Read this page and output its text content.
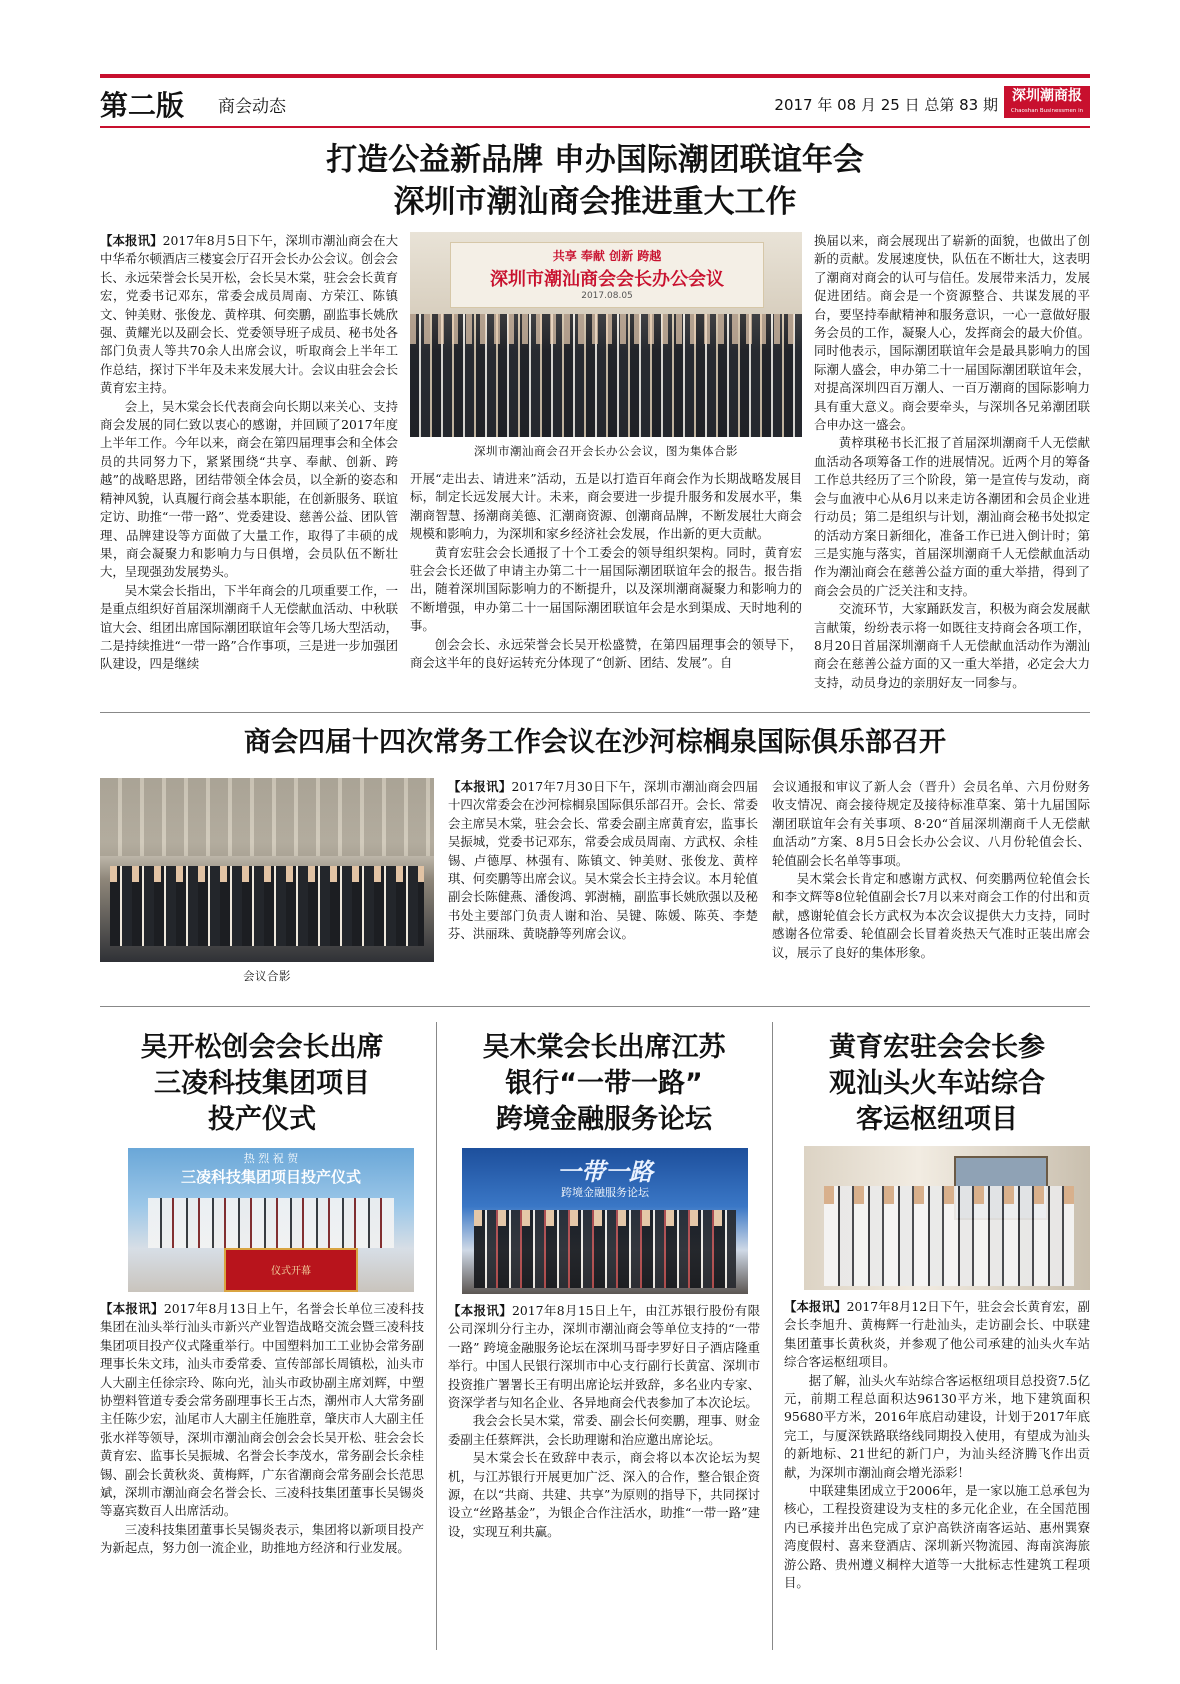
第二版 商会动态	2017 年 08 月 25 日 总第 83 期	深圳潮商报
Chaoshan Businessmen in Shenzhen
打造公益新品牌 申办国际潮团联谊年会
深圳市潮汕商会推进重大工作

【本报讯】2017年8月5日下午，深圳市潮汕商会在大中华希尔顿酒店三楼宴会厅召开会长办公会议。创会会长、永远荣誉会长吴开松，会长吴木棠，驻会会长黄育宏，党委书记邓东，常委会成员周南、方荣江、陈镇文、钟美财、张俊龙、黄梓琪、何奕鹏，副监事长姚欣强、黄耀光以及副会长、党委领导班子成员、秘书处各部门负责人等共70余人出席会议，听取商会上半年工作总结，探讨下半年及未来发展大计。会议由驻会会长黄育宏主持。

会上，吴木棠会长代表商会向长期以来关心、支持商会发展的同仁致以衷心的感谢，并回顾了2017年度上半年工作。今年以来，商会在第四届理事会和全体会员的共同努力下，紧紧围绕“共享、奉献、创新、跨越”的战略思路，团结带领全体会员，以全新的姿态和精神风貌，认真履行商会基本职能，在创新服务、联谊定访、助推“一带一路”、党委建设、慈善公益、团队管理、品牌建设等方面做了大量工作，取得了丰硕的成果，商会凝聚力和影响力与日俱增，会员队伍不断壮大，呈现强劲发展势头。

吴木棠会长指出，下半年商会的几项重要工作，一是重点组织好首届深圳潮商千人无偿献血活动、中秋联谊大会、组团出席国际潮团联谊年会等几场大型活动，二是持续推进“一带一路”合作事项，三是进一步加强团队建设，四是继续

共享 奉献 创新 跨越
深圳市潮汕商会会长办公会议
2017.08.05
深圳市潮汕商会召开会长办公会议，图为集体合影

开展“走出去、请进来”活动，五是以打造百年商会作为长期战略发展目标，制定长远发展大计。未来，商会要进一步提升服务和发展水平，集潮商智慧、扬潮商美德、汇潮商资源、创潮商品牌，不断发展壮大商会规模和影响力，为深圳和家乡经济社会发展，作出新的更大贡献。

黄育宏驻会会长通报了十个工委会的领导组织架构。同时，黄育宏驻会会长还做了申请主办第二十一届国际潮团联谊年会的报告。报告指出，随着深圳国际影响力的不断提升，以及深圳潮商凝聚力和影响力的不断增强，申办第二十一届国际潮团联谊年会是水到渠成、天时地利的事。

创会会长、永远荣誉会长吴开松盛赞，在第四届理事会的领导下，商会这半年的良好运转充分体现了“创新、团结、发展”。自

换届以来，商会展现出了崭新的面貌，也做出了创新的贡献。发展速度快，队伍在不断壮大，这表明了潮商对商会的认可与信任。发展带来活力，发展促进团结。商会是一个资源整合、共谋发展的平台，要坚持奉献精神和服务意识，一心一意做好服务会员的工作，凝聚人心，发挥商会的最大价值。同时他表示，国际潮团联谊年会是最具影响力的国际潮人盛会，申办第二十一届国际潮团联谊年会，对提高深圳四百万潮人、一百万潮商的国际影响力具有重大意义。商会要牵头，与深圳各兄弟潮团联合申办这一盛会。

黄梓琪秘书长汇报了首届深圳潮商千人无偿献血活动各项筹备工作的进展情况。近两个月的筹备工作总共经历了三个阶段，第一是宣传与发动，商会与血液中心从6月以来走访各潮团和会员企业进行动员；第二是组织与计划，潮汕商会秘书处拟定的活动方案日新细化，准备工作已进入倒计时；第三是实施与落实，首届深圳潮商千人无偿献血活动作为潮汕商会在慈善公益方面的重大举措，得到了商会会员的广泛关注和支持。

交流环节，大家踊跃发言，积极为商会发展献言献策，纷纷表示将一如既往支持商会各项工作，8月20日首届深圳潮商千人无偿献血活动作为潮汕商会在慈善公益方面的又一重大举措，必定会大力支持，动员身边的亲朋好友一同参与。

商会四届十四次常务工作会议在沙河棕榈泉国际俱乐部召开
会议合影

【本报讯】2017年7月30日下午，深圳市潮汕商会四届十四次常委会在沙河棕榈泉国际俱乐部召开。会长、常委会主席吴木棠，驻会会长、常委会副主席黄育宏，监事长吴振城，党委书记邓东，常委会成员周南、方武权、余桂锡、卢德厚、林强有、陈镇文、钟美财、张俊龙、黄梓琪、何奕鹏等出席会议。吴木棠会长主持会议。本月轮值副会长陈健燕、潘俊鸿、郭澍楠，副监事长姚欣强以及秘书处主要部门负责人谢和治、吴键、陈媛、陈英、李楚芬、洪丽珠、黄晓静等列席会议。

会议通报和审议了新人会（晋升）会员名单、六月份财务收支情况、商会接待规定及接待标准草案、第十九届国际潮团联谊年会有关事项、8·20“首届深圳潮商千人无偿献血活动”方案、8月5日会长办公会议、八月份轮值会长、轮值副会长名单等事项。

吴木棠会长肯定和感谢方武权、何奕鹏两位轮值会长和李文辉等8位轮值副会长7月以来对商会工作的付出和贡献，感谢轮值会长方武权为本次会议提供大力支持，同时感谢各位常委、轮值副会长冒着炎热天气准时正装出席会议，展示了良好的集体形象。

吴开松创会会长出席
三凌科技集团项目
投产仪式
热 烈 祝 贺
三凌科技集团项目投产仪式
仪式开幕

【本报讯】2017年8月13日上午，名誉会长单位三凌科技集团在汕头举行汕头市新兴产业智造战略交流会暨三凌科技集团项目投产仪式隆重举行。中国塑料加工工业协会常务副理事长朱文玮，汕头市委常委、宣传部部长周镇松，汕头市人大副主任徐宗玲、陈向光，汕头市政协副主席刘辉，中塑协塑料管道专委会常务副理事长王占杰，潮州市人大常务副主任陈少宏，汕尾市人大副主任施胜章，肇庆市人大副主任张水祥等领导，深圳市潮汕商会创会会长吴开松、驻会会长黄育宏、监事长吴振城、名誉会长李茂水，常务副会长余桂锡、副会长黄秋炎、黄梅辉，广东省潮商会常务副会长范思斌，深圳市潮汕商会名誉会长、三凌科技集团董事长吴锡炎等嘉宾数百人出席活动。

三凌科技集团董事长吴锡炎表示，集团将以新项目投产为新起点，努力创一流企业，助推地方经济和行业发展。

吴木棠会长出席江苏
银行“一带一路”
跨境金融服务论坛
一带一路
跨境金融服务论坛

【本报讯】2017年8月15日上午，由江苏银行股份有限公司深圳分行主办，深圳市潮汕商会等单位支持的“一带一路” 跨境金融服务论坛在深圳马哥孛罗好日子酒店隆重举行。中国人民银行深圳市中心支行副行长黄富、深圳市投资推广署署长王有明出席论坛并致辞，多名业内专家、资深学者与知名企业、各异地商会代表参加了本次论坛。

我会会长吴木棠，常委、副会长何奕鹏，理事、财金委副主任蔡辉洪，会长助理谢和治应邀出席论坛。

吴木棠会长在致辞中表示，商会将以本次论坛为契机，与江苏银行开展更加广泛、深入的合作，整合银企资源，在以“共商、共建、共享”为原则的指导下，共同探讨设立“丝路基金”，为银企合作注活水，助推“一带一路”建设，实现互利共赢。

黄育宏驻会会长参
观汕头火车站综合
客运枢纽项目

【本报讯】2017年8月12日下午，驻会会长黄育宏，副会长李旭升、黄梅辉一行赴汕头，走访副会长、中联建集团董事长黄秋炎，并参观了他公司承建的汕头火车站综合客运枢纽项目。

据了解，汕头火车站综合客运枢纽项目总投资7.5亿元，前期工程总面积达96130平方米，地下建筑面积95680平方米，2016年底启动建设，计划于2017年底完工，与厦深铁路联络线同期投入使用，有望成为汕头的新地标、21世纪的新门户，为汕头经济腾飞作出贡献，为深圳市潮汕商会增光添彩！

中联建集团成立于2006年，是一家以施工总承包为核心，工程投资建设为支柱的多元化企业，在全国范围内已承接并出色完成了京沪高铁济南客运站、惠州巽寮湾度假村、喜来登酒店、深圳新兴物流园、海南滨海旅游公路、贵州遵义桐梓大道等一大批标志性建筑工程项目。
